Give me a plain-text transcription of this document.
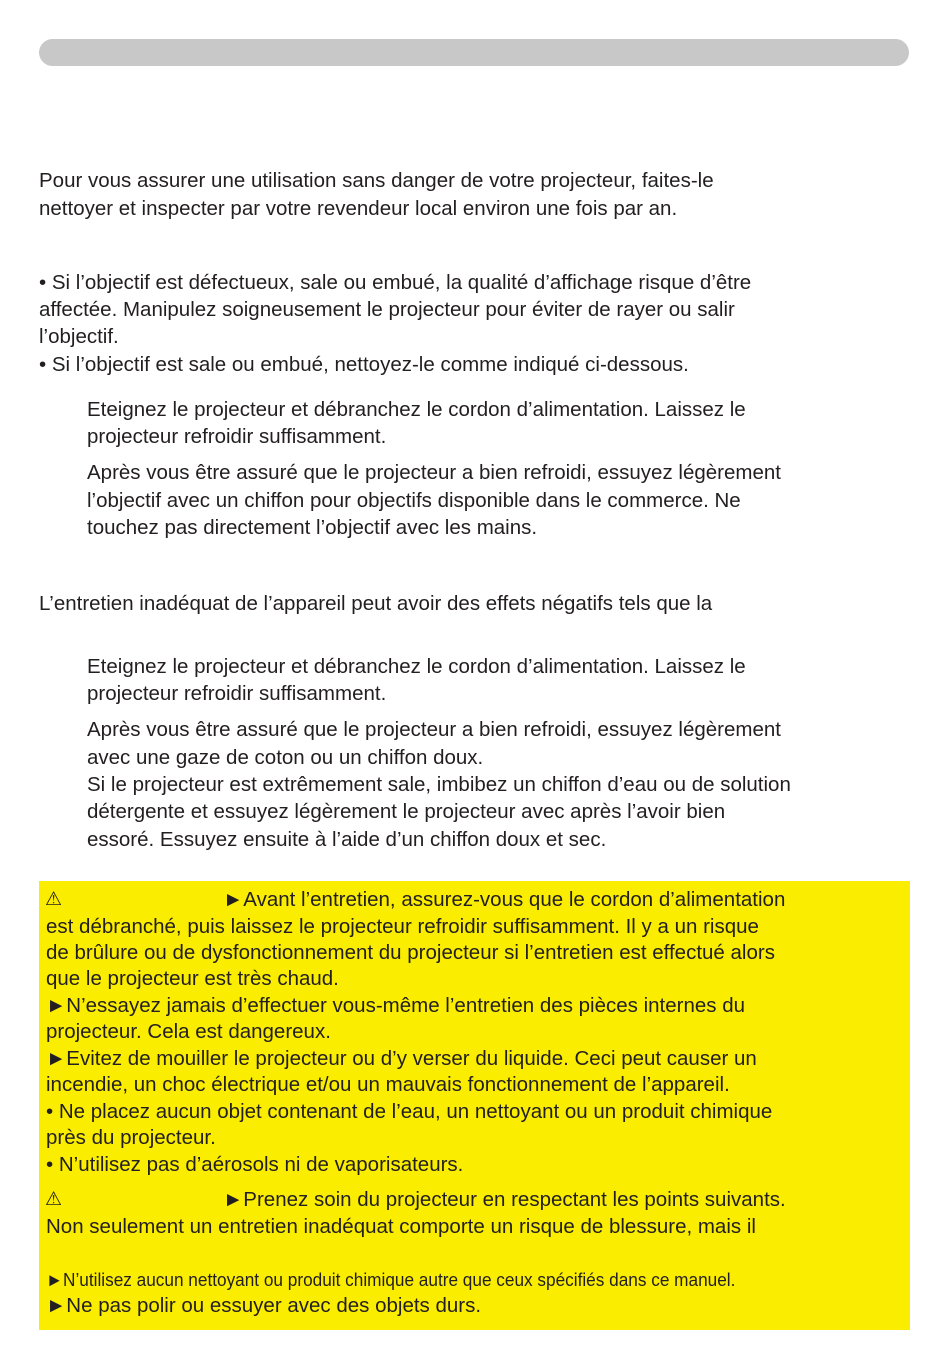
Pour vous assurer une utilisation sans danger de votre projecteur, faites-le
nettoyer et inspecter par votre revendeur local environ une fois par an.
• Si l’objectif est défectueux, sale ou embué, la qualité d’affichage risque d’être
affectée. Manipulez soigneusement le projecteur pour éviter de rayer ou salir
l’objectif.
• Si l’objectif est sale ou embué, nettoyez-le comme indiqué ci-dessous.
Eteignez le projecteur et débranchez le cordon d’alimentation. Laissez le
projecteur refroidir suffisamment.
Après vous être assuré que le projecteur a bien refroidi, essuyez légèrement
l’objectif avec un chiffon pour objectifs disponible dans le commerce. Ne
touchez pas directement l’objectif avec les mains.
L’entretien inadéquat de l’appareil peut avoir des effets négatifs tels que la
Eteignez le projecteur et débranchez le cordon d’alimentation. Laissez le
projecteur refroidir suffisamment.
Après vous être assuré que le projecteur a bien refroidi, essuyez légèrement
avec une gaze de coton ou un chiffon doux.
Si le projecteur est extrêmement sale, imbibez un chiffon d’eau ou de solution
détergente et essuyez légèrement le projecteur avec après l’avoir bien
essoré. Essuyez ensuite à l’aide d’un chiffon doux et sec.
⚠	►Avant l’entretien, assurez-vous que le cordon d’alimentation
est débranché, puis laissez le projecteur refroidir suffisamment. Il y a un risque
de brûlure ou de dysfonctionnement du projecteur si l’entretien est effectué alors
que le projecteur est très chaud.
►N’essayez jamais d’effectuer vous-même l’entretien des pièces internes du
projecteur. Cela est dangereux.
►Evitez de mouiller le projecteur ou d’y verser du liquide. Ceci peut causer un
incendie, un choc électrique et/ou un mauvais fonctionnement de l’appareil.
• Ne placez aucun objet contenant de l’eau, un nettoyant ou un produit chimique
près du projecteur.
• N’utilisez pas d’aérosols ni de vaporisateurs.
⚠	►Prenez soin du projecteur en respectant les points suivants.
Non seulement un entretien inadéquat comporte un risque de blessure, mais il
►N’utilisez aucun nettoyant ou produit chimique autre que ceux spécifiés dans ce manuel.
►Ne pas polir ou essuyer avec des objets durs.
